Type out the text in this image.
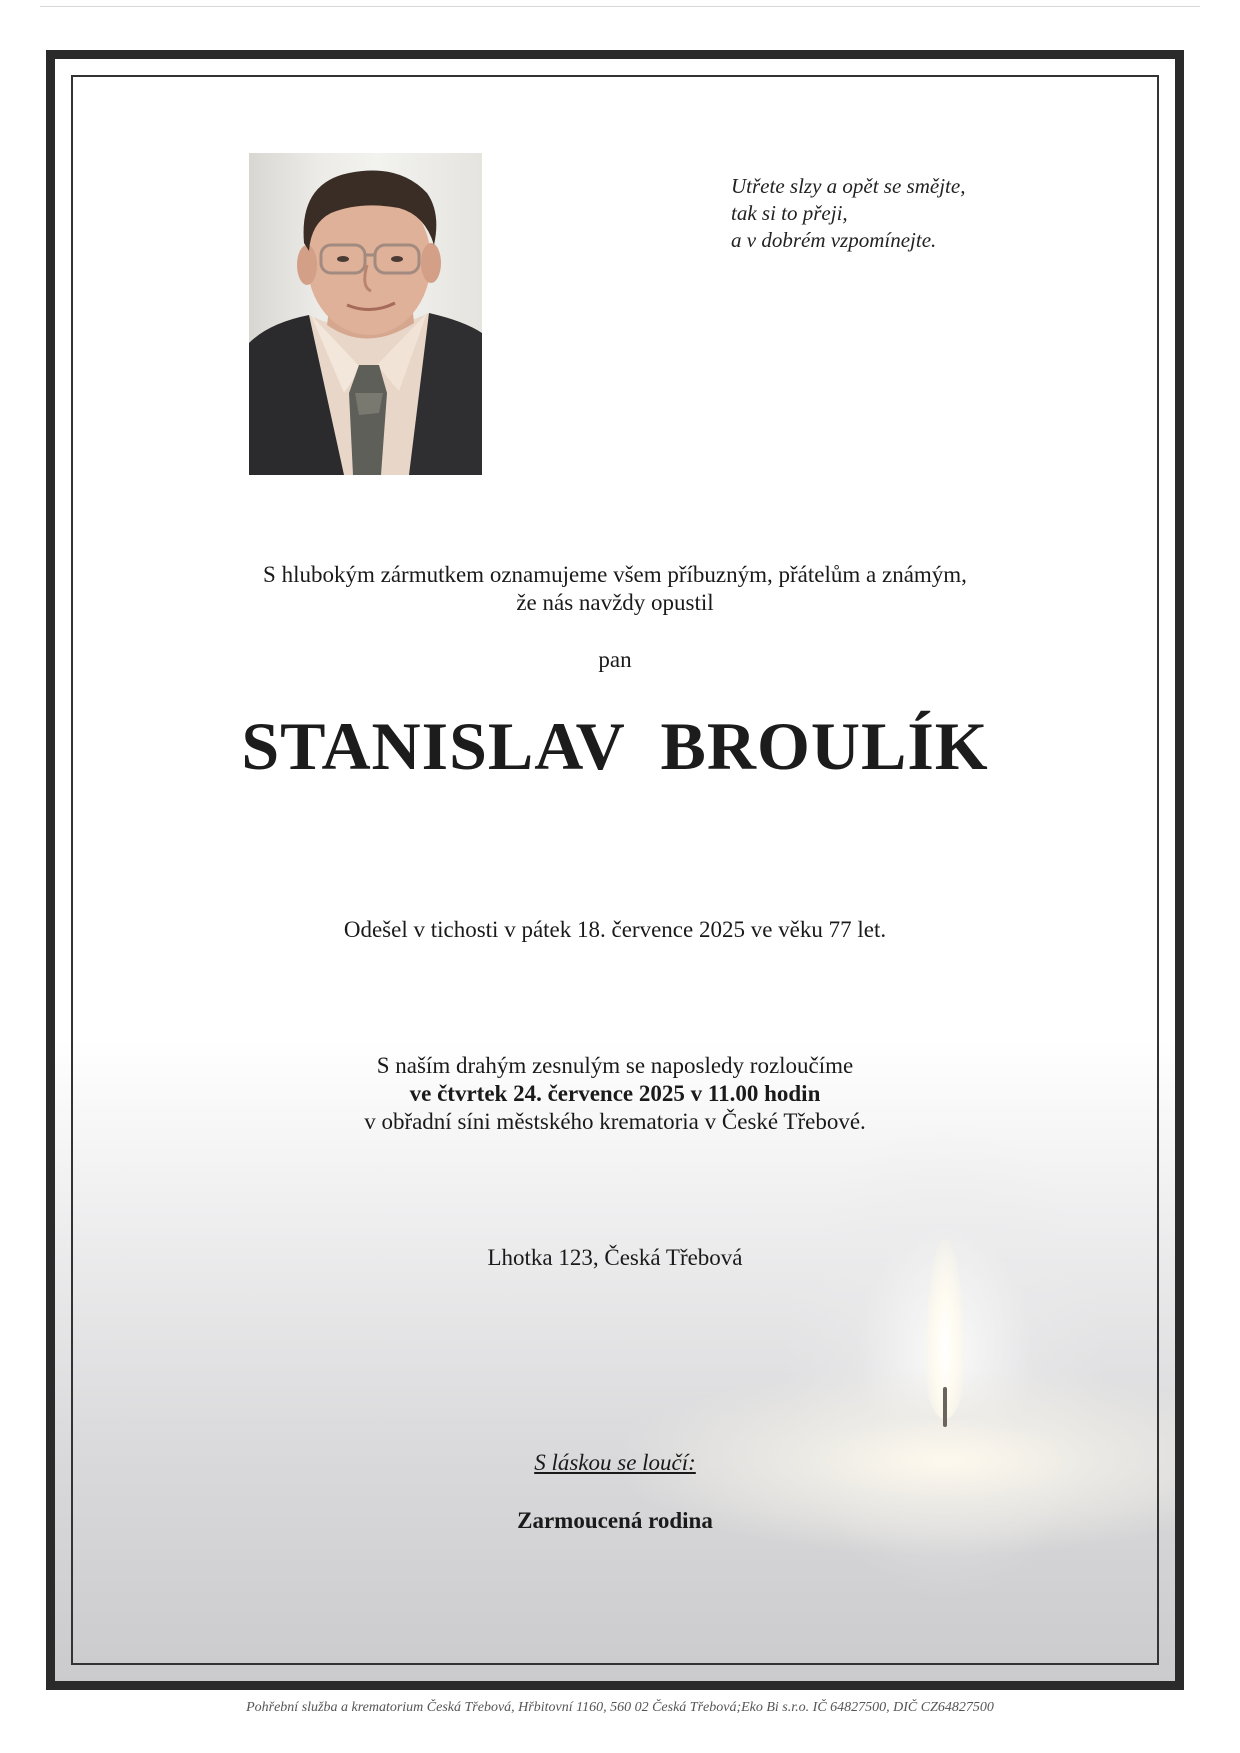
Utřete slzy a opět se smějte,
tak si to přeji,
a v dobrém vzpomínejte.
S hlubokým zármutkem oznamujeme všem příbuzným, přátelům a známým,
že nás navždy opustil
pan
STANISLAV BROULÍK
Odešel v tichosti v pátek 18. července 2025 ve věku 77 let.
S naším drahým zesnulým se naposledy rozloučíme
ve čtvrtek 24. července 2025 v 11.00 hodin
v obřadní síni městského krematoria v České Třebové.
Lhotka 123, Česká Třebová
S láskou se loučí:
Zarmoucená rodina
Pohřební služba a krematorium Česká Třebová, Hřbitovní 1160, 560 02 Česká Třebová;Eko Bi s.r.o. IČ 64827500, DIČ CZ64827500
